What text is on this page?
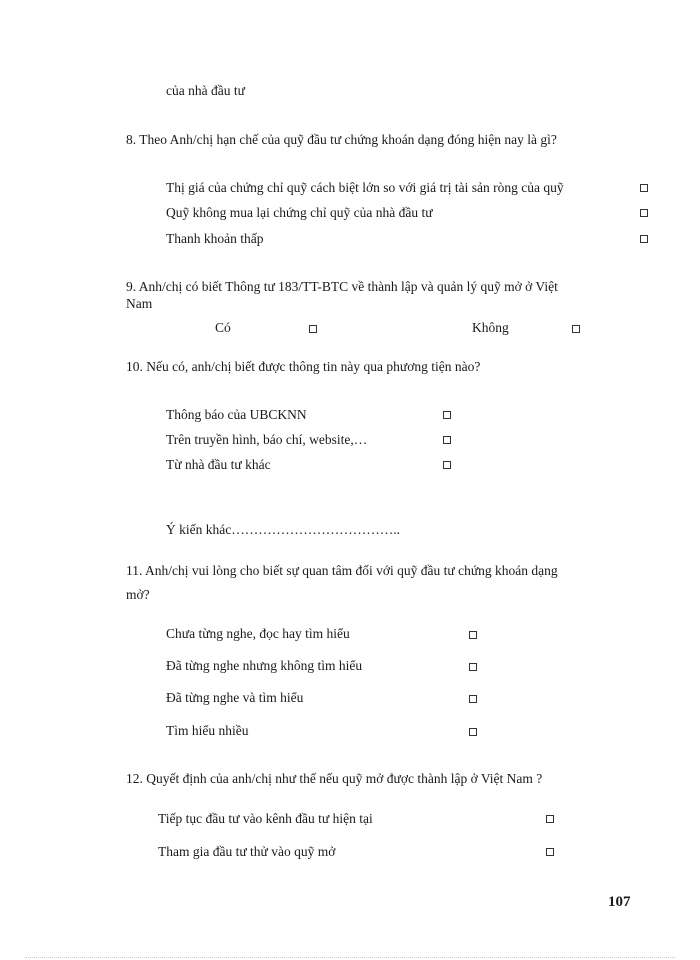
của nhà đầu tư
8. Theo Anh/chị hạn chế của quỹ đầu tư chứng khoán dạng đóng hiện nay là gì?
Thị giá của chứng chỉ quỹ cách biệt lớn so với giá trị tài sản ròng của quỹ
Quỹ không mua lại chứng chỉ quỹ của nhà đầu tư
Thanh khoản thấp
9. Anh/chị có biết Thông tư 183/TT-BTC về thành lập và quản lý quỹ mở ở Việt
Nam
Có	Không
10. Nếu có, anh/chị biết được thông tin này qua phương tiện nào?
Thông báo của UBCKNN
Trên truyền hình, báo chí, website,…
Từ nhà đầu tư khác
Ý kiến khác………………………………..
11. Anh/chị vui lòng cho biết sự quan tâm đối với quỹ đầu tư chứng khoán dạng
mở?
Chưa từng nghe, đọc hay tìm hiểu
Đã từng nghe nhưng không tìm hiểu
Đã từng nghe và tìm hiểu
Tìm hiểu nhiều
12. Quyết định của anh/chị như thế nếu quỹ mở được thành lập ở Việt Nam ?
Tiếp tục đầu tư vào kênh đầu tư hiện tại
Tham gia đầu tư thử vào quỹ mở
107
